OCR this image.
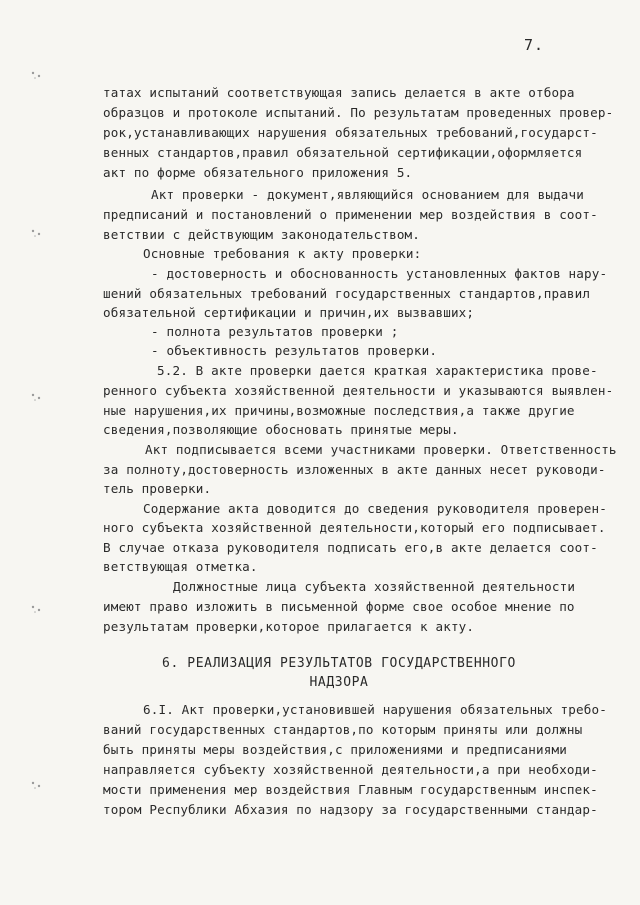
7.
татах испытаний соответствующая запись делается в акте отбора
образцов и протоколе испытаний. По результатам проведенных провер-
рок,устанавливающих нарушения обязательных требований,государст-
венных стандартов,правил обязательной сертификации,оформляется
акт по форме обязательного приложения 5.
Акт проверки - документ,являющийся основанием для выдачи
предписаний и постановлений о применении мер воздействия в соот-
ветствии с действующим законодательством.
Основные требования к акту проверки:
- достоверность и обоснованность установленных фактов нару-
шений обязательных требований государственных стандартов,правил
обязательной сертификации и причин,их вызвавших;
- полнота результатов проверки ;
- объективность результатов проверки.
5.2. В акте проверки дается краткая характеристика прове-
ренного субъекта хозяйственной деятельности и указываются выявлен-
ные нарушения,их причины,возможные последствия,а также другие
сведения,позволяющие обосновать принятые меры.
Акт подписывается всеми участниками проверки. Ответственность
за полноту,достоверность изложенных в акте данных несет руководи-
тель проверки.
Содержание акта доводится до сведения руководителя проверен-
ного субъекта хозяйственной деятельности,который его подписывает.
В случае отказа руководителя подписать его,в акте делается соот-
ветствующая отметка.
Должностные лица субъекта хозяйственной деятельности
имеют право изложить в письменной форме свое особое мнение по
результатам проверки,которое прилагается к акту.
6. РЕАЛИЗАЦИЯ РЕЗУЛЬТАТОВ ГОСУДАРСТВЕННОГО
НАДЗОРА
6.I. Акт проверки,установившей нарушения обязательных требо-
ваний государственных стандартов,по которым приняты или должны
быть приняты меры воздействия,с приложениями и предписаниями
направляется субъекту хозяйственной деятельности,а при необходи-
мости применения мер воздействия Главным государственным инспек-
тором Республики Абхазия по надзору за государственными стандар-
